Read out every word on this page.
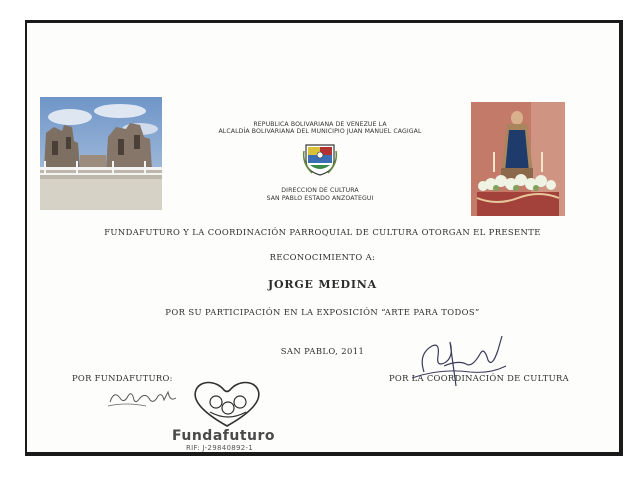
REPUBLICA BOLIVARIANA DE VENEZUE LA
ALCALDÍA BOLIVARIANA DEL MUNICIPIO JUAN MANUEL CAGIGAL
DIRECCION DE CULTURA
SAN PABLO ESTADO ANZOATEGUI
FUNDAFUTURO Y LA COORDINACIÓN PARROQUIAL DE CULTURA OTORGAN EL PRESENTE
RECONOCIMIENTO A:
JORGE MEDINA
POR SU PARTICIPACIÓN EN LA EXPOSICIÓN “ARTE PARA TODOS”
SAN PABLO, 2011
POR FUNDAFUTURO:	POR LA COORDINACIÓN DE CULTURA
Fundafuturo
RIF: J-29840892-1
